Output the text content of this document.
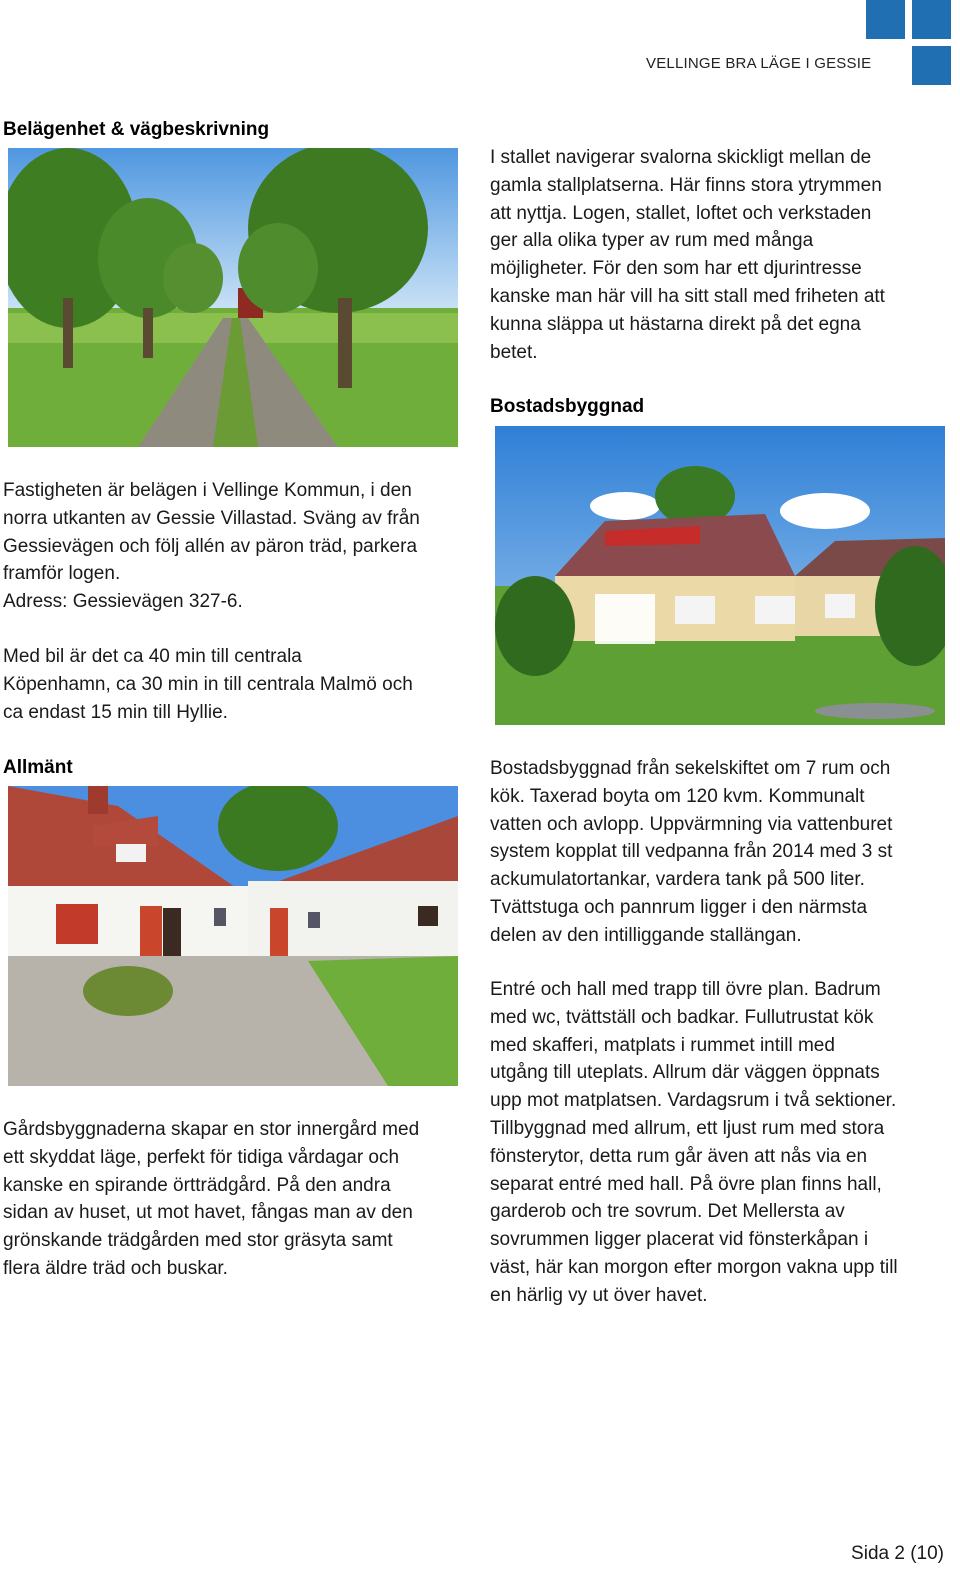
VELLINGE BRA LÄGE I GESSIE
Belägenhet & vägbeskrivning
Fastigheten är belägen i Vellinge Kommun, i den
norra utkanten av Gessie Villastad. Sväng av från
Gessievägen och följ allén av päron träd, parkera
framför logen.
Adress: Gessievägen 327-6.
Med bil är det ca 40 min till centrala
Köpenhamn, ca 30 min in till centrala Malmö och
ca endast 15 min till Hyllie.
Allmänt
Gårdsbyggnaderna skapar en stor innergård med
ett skyddat läge, perfekt för tidiga vårdagar och
kanske en spirande örtträdgård. På den andra
sidan av huset, ut mot havet, fångas man av den
grönskande trädgården med stor gräsyta samt
flera äldre träd och buskar.
I stallet navigerar svalorna skickligt mellan de
gamla stallplatserna. Här finns stora ytrymmen
att nyttja. Logen, stallet, loftet och verkstaden
ger alla olika typer av rum med många
möjligheter. För den som har ett djurintresse
kanske man här vill ha sitt stall med friheten att
kunna släppa ut hästarna direkt på det egna
betet.
Bostadsbyggnad
Bostadsbyggnad från sekelskiftet om 7 rum och
kök. Taxerad boyta om 120 kvm. Kommunalt
vatten och avlopp. Uppvärmning via vattenburet
system kopplat till vedpanna från 2014 med 3 st
ackumulatortankar, vardera tank på 500 liter.
Tvättstuga och pannrum ligger i den närmsta
delen av den intilliggande stallängan.
Entré och hall med trapp till övre plan. Badrum
med wc, tvättställ och badkar. Fullutrustat kök
med skafferi, matplats i rummet intill med
utgång till uteplats. Allrum där väggen öppnats
upp mot matplatsen. Vardagsrum i två sektioner.
Tillbyggnad med allrum, ett ljust rum med stora
fönsterytor, detta rum går även att nås via en
separat entré med hall. På övre plan finns hall,
garderob och tre sovrum. Det Mellersta av
sovrummen ligger placerat vid fönsterkåpan i
väst, här kan morgon efter morgon vakna upp till
en härlig vy ut över havet.
Sida 2 (10)
